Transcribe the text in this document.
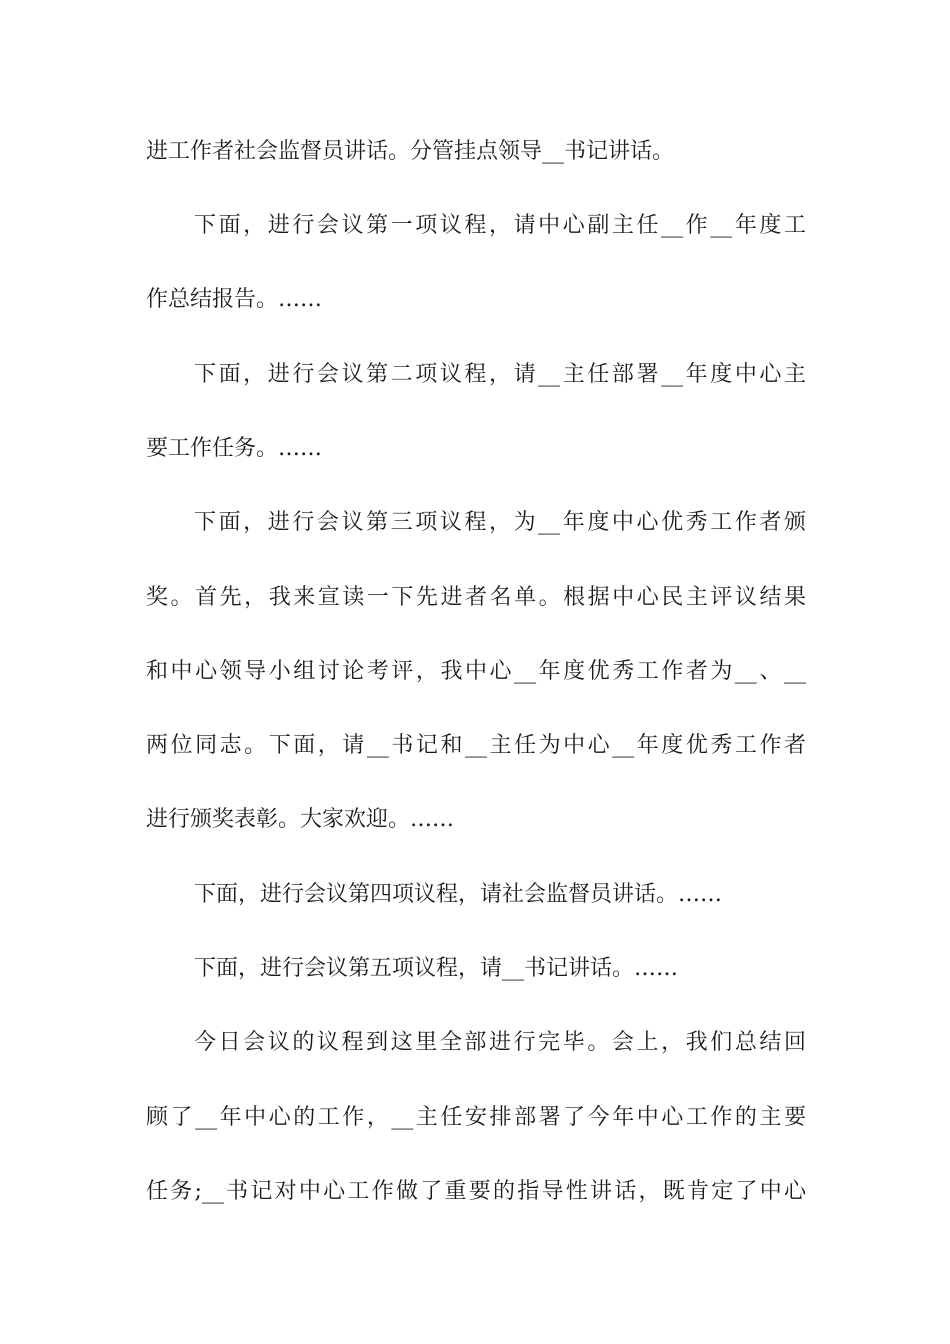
进工作者社会监督员讲话。分管挂点领导__书记讲话。
下面，进行会议第一项议程，请中心副主任__作__年度工
作总结报告。……
下面，进行会议第二项议程，请__主任部署__年度中心主
要工作任务。……
下面，进行会议第三项议程，为__年度中心优秀工作者颁
奖。首先，我来宣读一下先进者名单。根据中心民主评议结果
和中心领导小组讨论考评，我中心__年度优秀工作者为__、__
两位同志。下面，请__书记和__主任为中心__年度优秀工作者
进行颁奖表彰。大家欢迎。……
下面，进行会议第四项议程，请社会监督员讲话。……
下面，进行会议第五项议程，请__书记讲话。……
今日会议的议程到这里全部进行完毕。会上，我们总结回
顾了__年中心的工作，__主任安排部署了今年中心工作的主要
任务;__书记对中心工作做了重要的指导性讲话，既肯定了中心
